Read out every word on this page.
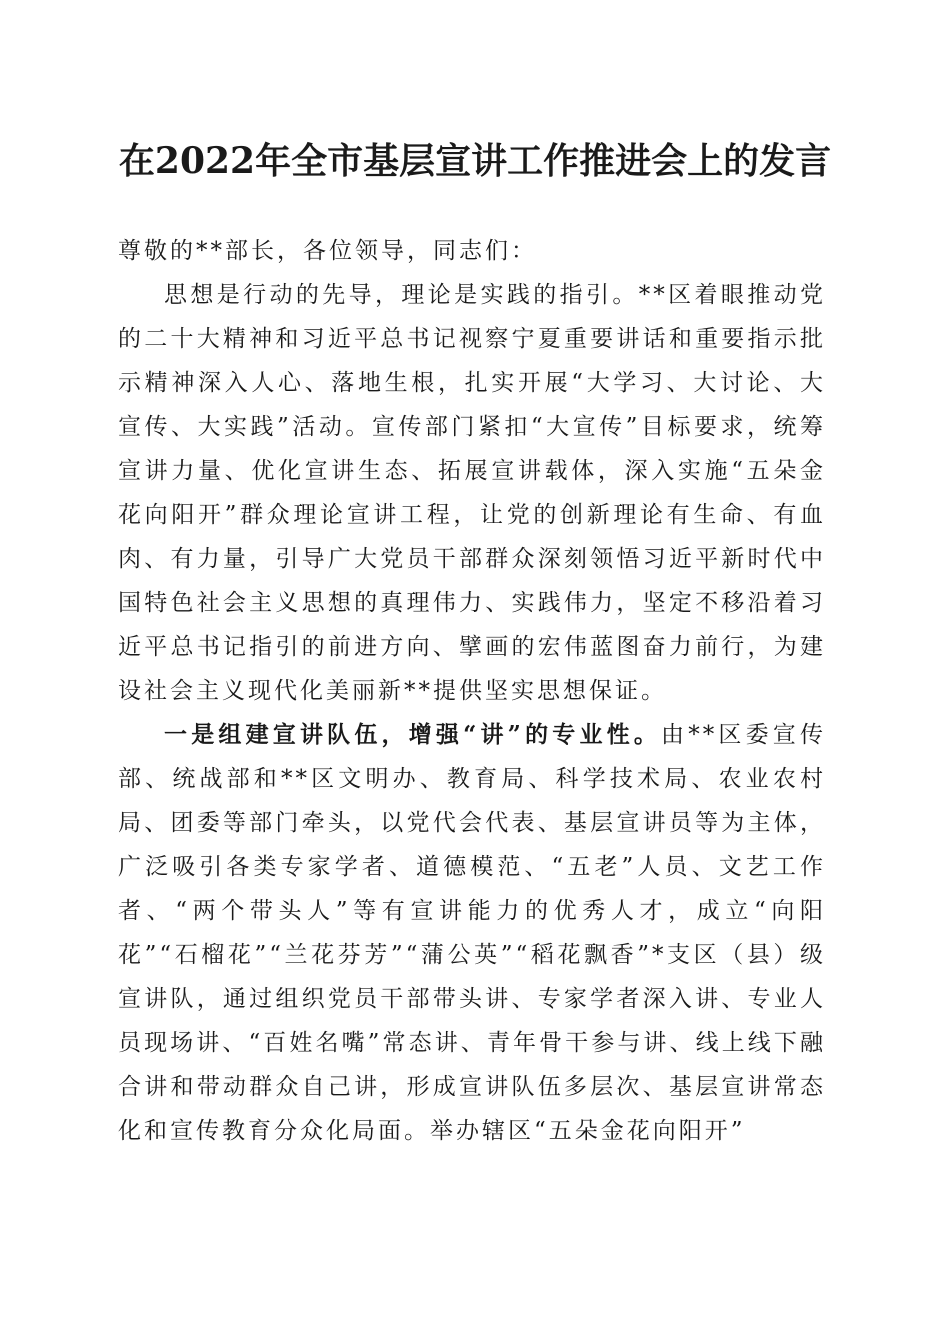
在2022年全市基层宣讲工作推进会上的发言

尊敬的**部长，各位领导，同志们：

思想是行动的先导，理论是实践的指引。**区着眼推动党的二十大精神和习近平总书记视察宁夏重要讲话和重要指示批示精神深入人心、落地生根，扎实开展“大学习、大讨论、大宣传、大实践”活动。宣传部门紧扣“大宣传”目标要求，统筹宣讲力量、优化宣讲生态、拓展宣讲载体，深入实施“五朵金花向阳开”群众理论宣讲工程，让党的创新理论有生命、有血肉、有力量，引导广大党员干部群众深刻领悟习近平新时代中国特色社会主义思想的真理伟力、实践伟力，坚定不移沿着习近平总书记指引的前进方向、擘画的宏伟蓝图奋力前行，为建设社会主义现代化美丽新**提供坚实思想保证。

一是组建宣讲队伍，增强“讲”的专业性。由**区委宣传部、统战部和**区文明办、教育局、科学技术局、农业农村局、团委等部门牵头，以党代会代表、基层宣讲员等为主体，广泛吸引各类专家学者、道德模范、“五老”人员、文艺工作者、“两个带头人”等有宣讲能力的优秀人才，成立“向阳花”“石榴花”“兰花芬芳”“蒲公英”“稻花飘香”*支区（县）级宣讲队，通过组织党员干部带头讲、专家学者深入讲、专业人员现场讲、“百姓名嘴”常态讲、青年骨干参与讲、线上线下融合讲和带动群众自己讲，形成宣讲队伍多层次、基层宣讲常态化和宣传教育分众化局面。举办辖区“五朵金花向阳开”
